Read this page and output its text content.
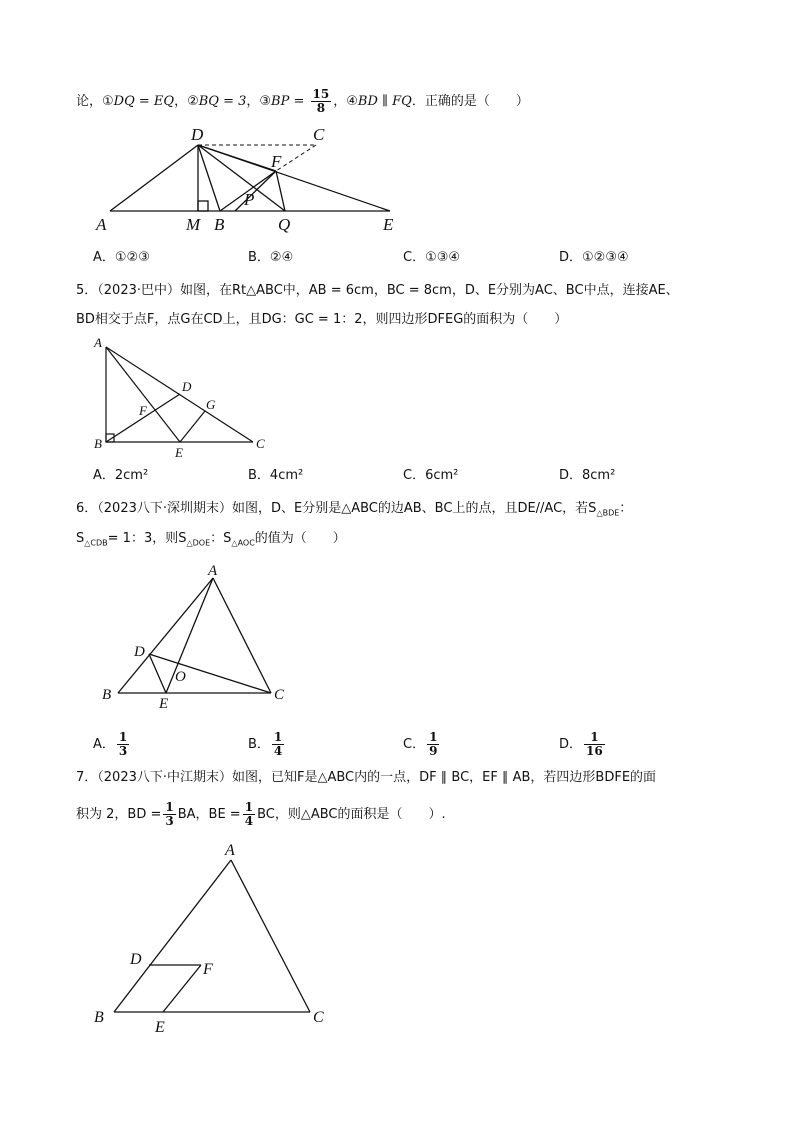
论，①DQ = EQ，②BQ = 3，③BP = $\frac{15}{8}$ ，④BD ∥ FQ．正确的是（　　）
D	C
F
P
A	M B	Q	E
A．①②③	B．②④	C．①③④	D．①②③④
5．（2023·巴中）如图，在Rt△ABC中，AB = 6cm，BC = 8cm，D、E分别为AC、BC中点，连接AE、
BD相交于点F，点G在CD上，且DG：GC = 1：2，则四边形DFEG的面积为（　　）
A
D
G
F
B
E
C
A．2cm²	B．4cm²	C．6cm²	D．8cm²
6．（2023八下·深圳期末）如图，D、E分别是△ABC的边AB、BC上的点，且DE//AC，若$S_{\triangle BDE}$：
$S_{\triangle CDB}= 1$：3，则$S_{\triangle DOE}$：$S_{\triangle AOC}$的值为（　　）
A
D
O
B
E
C
A． $\frac{1}{3}$	B． $\frac{1}{4}$	C． $\frac{1}{9}$	D． $\frac{1}{16}$
7．（2023八下·中江期末）如图，已知F是△ABC内的一点，DF ∥ BC，EF ∥ AB，若四边形BDFE的面
积为 2，BD = $\frac{1}{3}$ BA，BE = $\frac{1}{4}$ BC，则△ABC的面积是（　　）.
A
D
F
B
E
C
